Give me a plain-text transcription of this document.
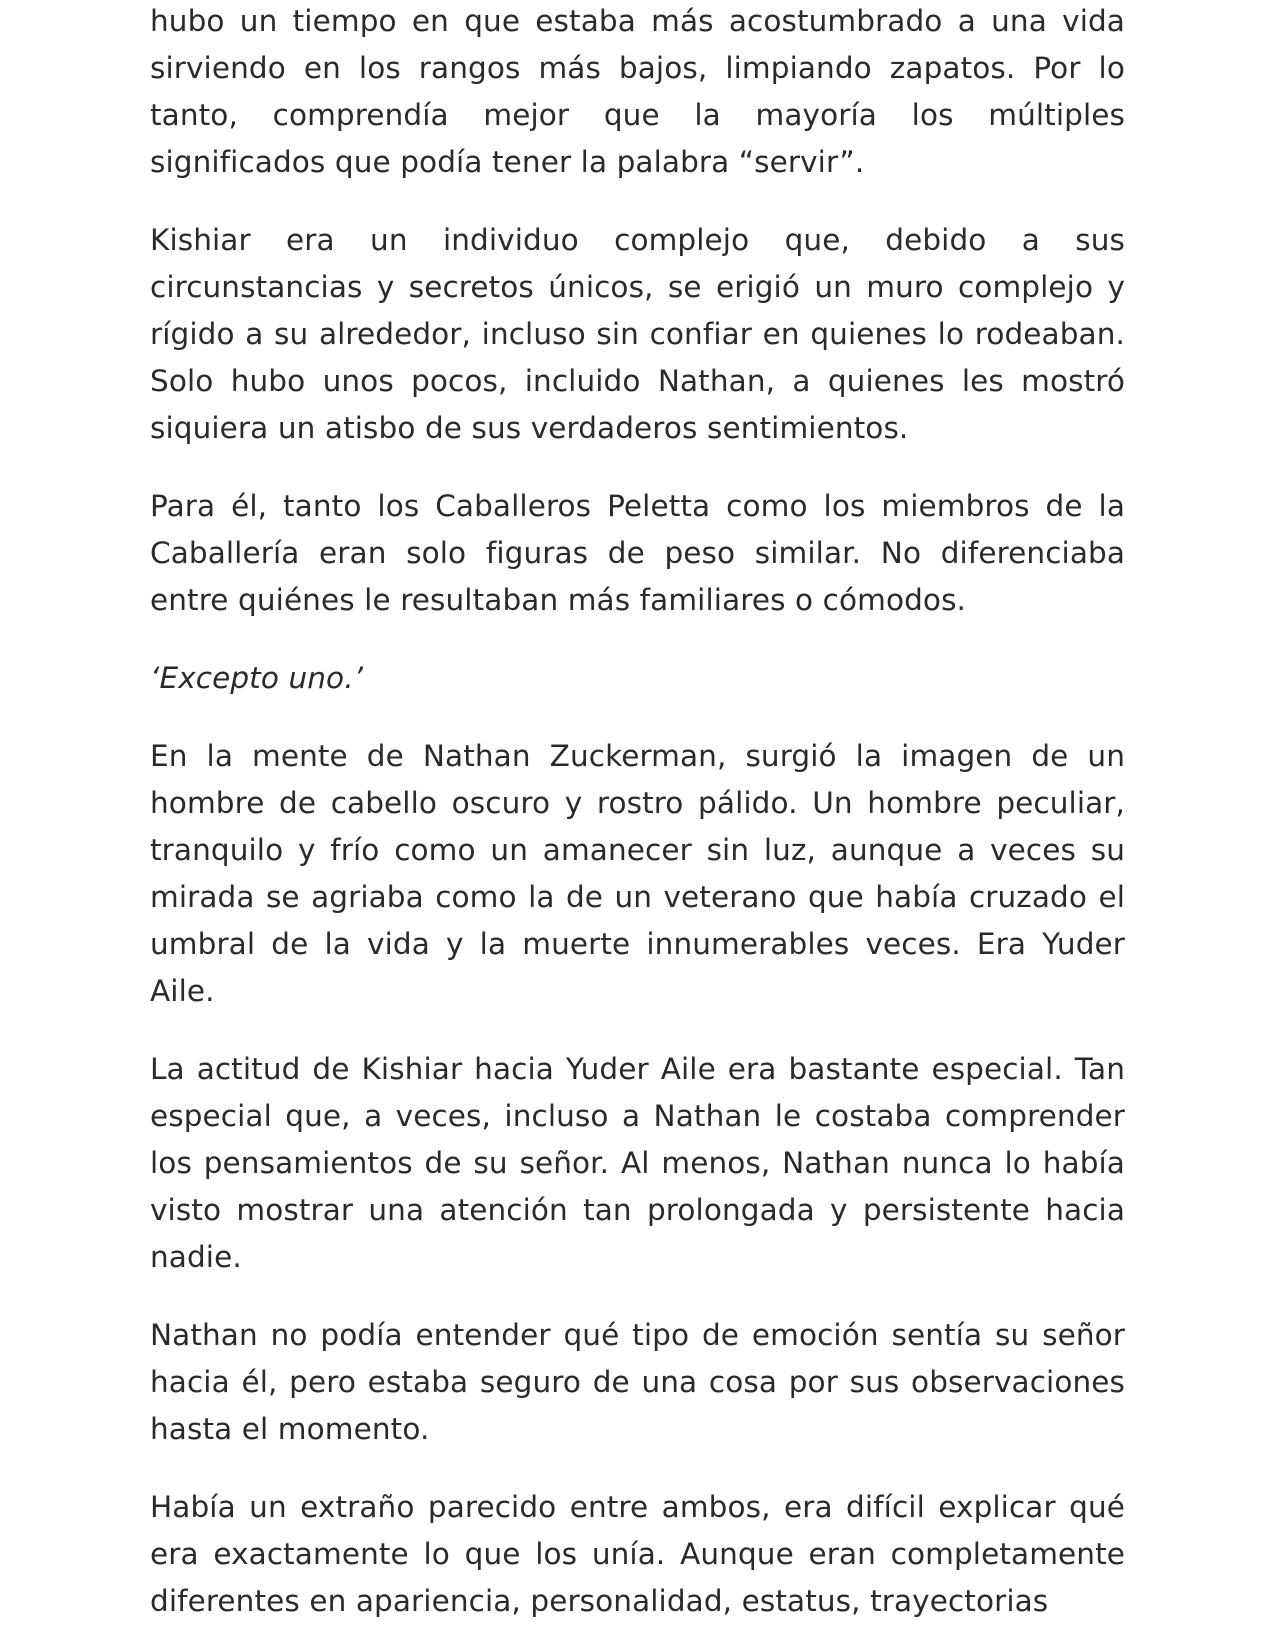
hubo un tiempo en que estaba más acostumbrado a una vida sirviendo en los rangos más bajos, limpiando zapatos. Por lo tanto, comprendía mejor que la mayoría los múltiples significados que podía tener la palabra “servir”.

Kishiar era un individuo complejo que, debido a sus circunstancias y secretos únicos, se erigió un muro complejo y rígido a su alrededor, incluso sin confiar en quienes lo rodeaban. Solo hubo unos pocos, incluido Nathan, a quienes les mostró siquiera un atisbo de sus verdaderos sentimientos.

Para él, tanto los Caballeros Peletta como los miembros de la Caballería eran solo figuras de peso similar. No diferenciaba entre quiénes le resultaban más familiares o cómodos.

‘Excepto uno.’

En la mente de Nathan Zuckerman, surgió la imagen de un hombre de cabello oscuro y rostro pálido. Un hombre peculiar, tranquilo y frío como un amanecer sin luz, aunque a veces su mirada se agriaba como la de un veterano que había cruzado el umbral de la vida y la muerte innumerables veces. Era Yuder Aile.

La actitud de Kishiar hacia Yuder Aile era bastante especial. Tan especial que, a veces, incluso a Nathan le costaba comprender los pensamientos de su señor. Al menos, Nathan nunca lo había visto mostrar una atención tan prolongada y persistente hacia nadie.

Nathan no podía entender qué tipo de emoción sentía su señor hacia él, pero estaba seguro de una cosa por sus observaciones hasta el momento.

Había un extraño parecido entre ambos, era difícil explicar qué era exactamente lo que los unía. Aunque eran completamente diferentes en apariencia, personalidad, estatus, trayectorias
